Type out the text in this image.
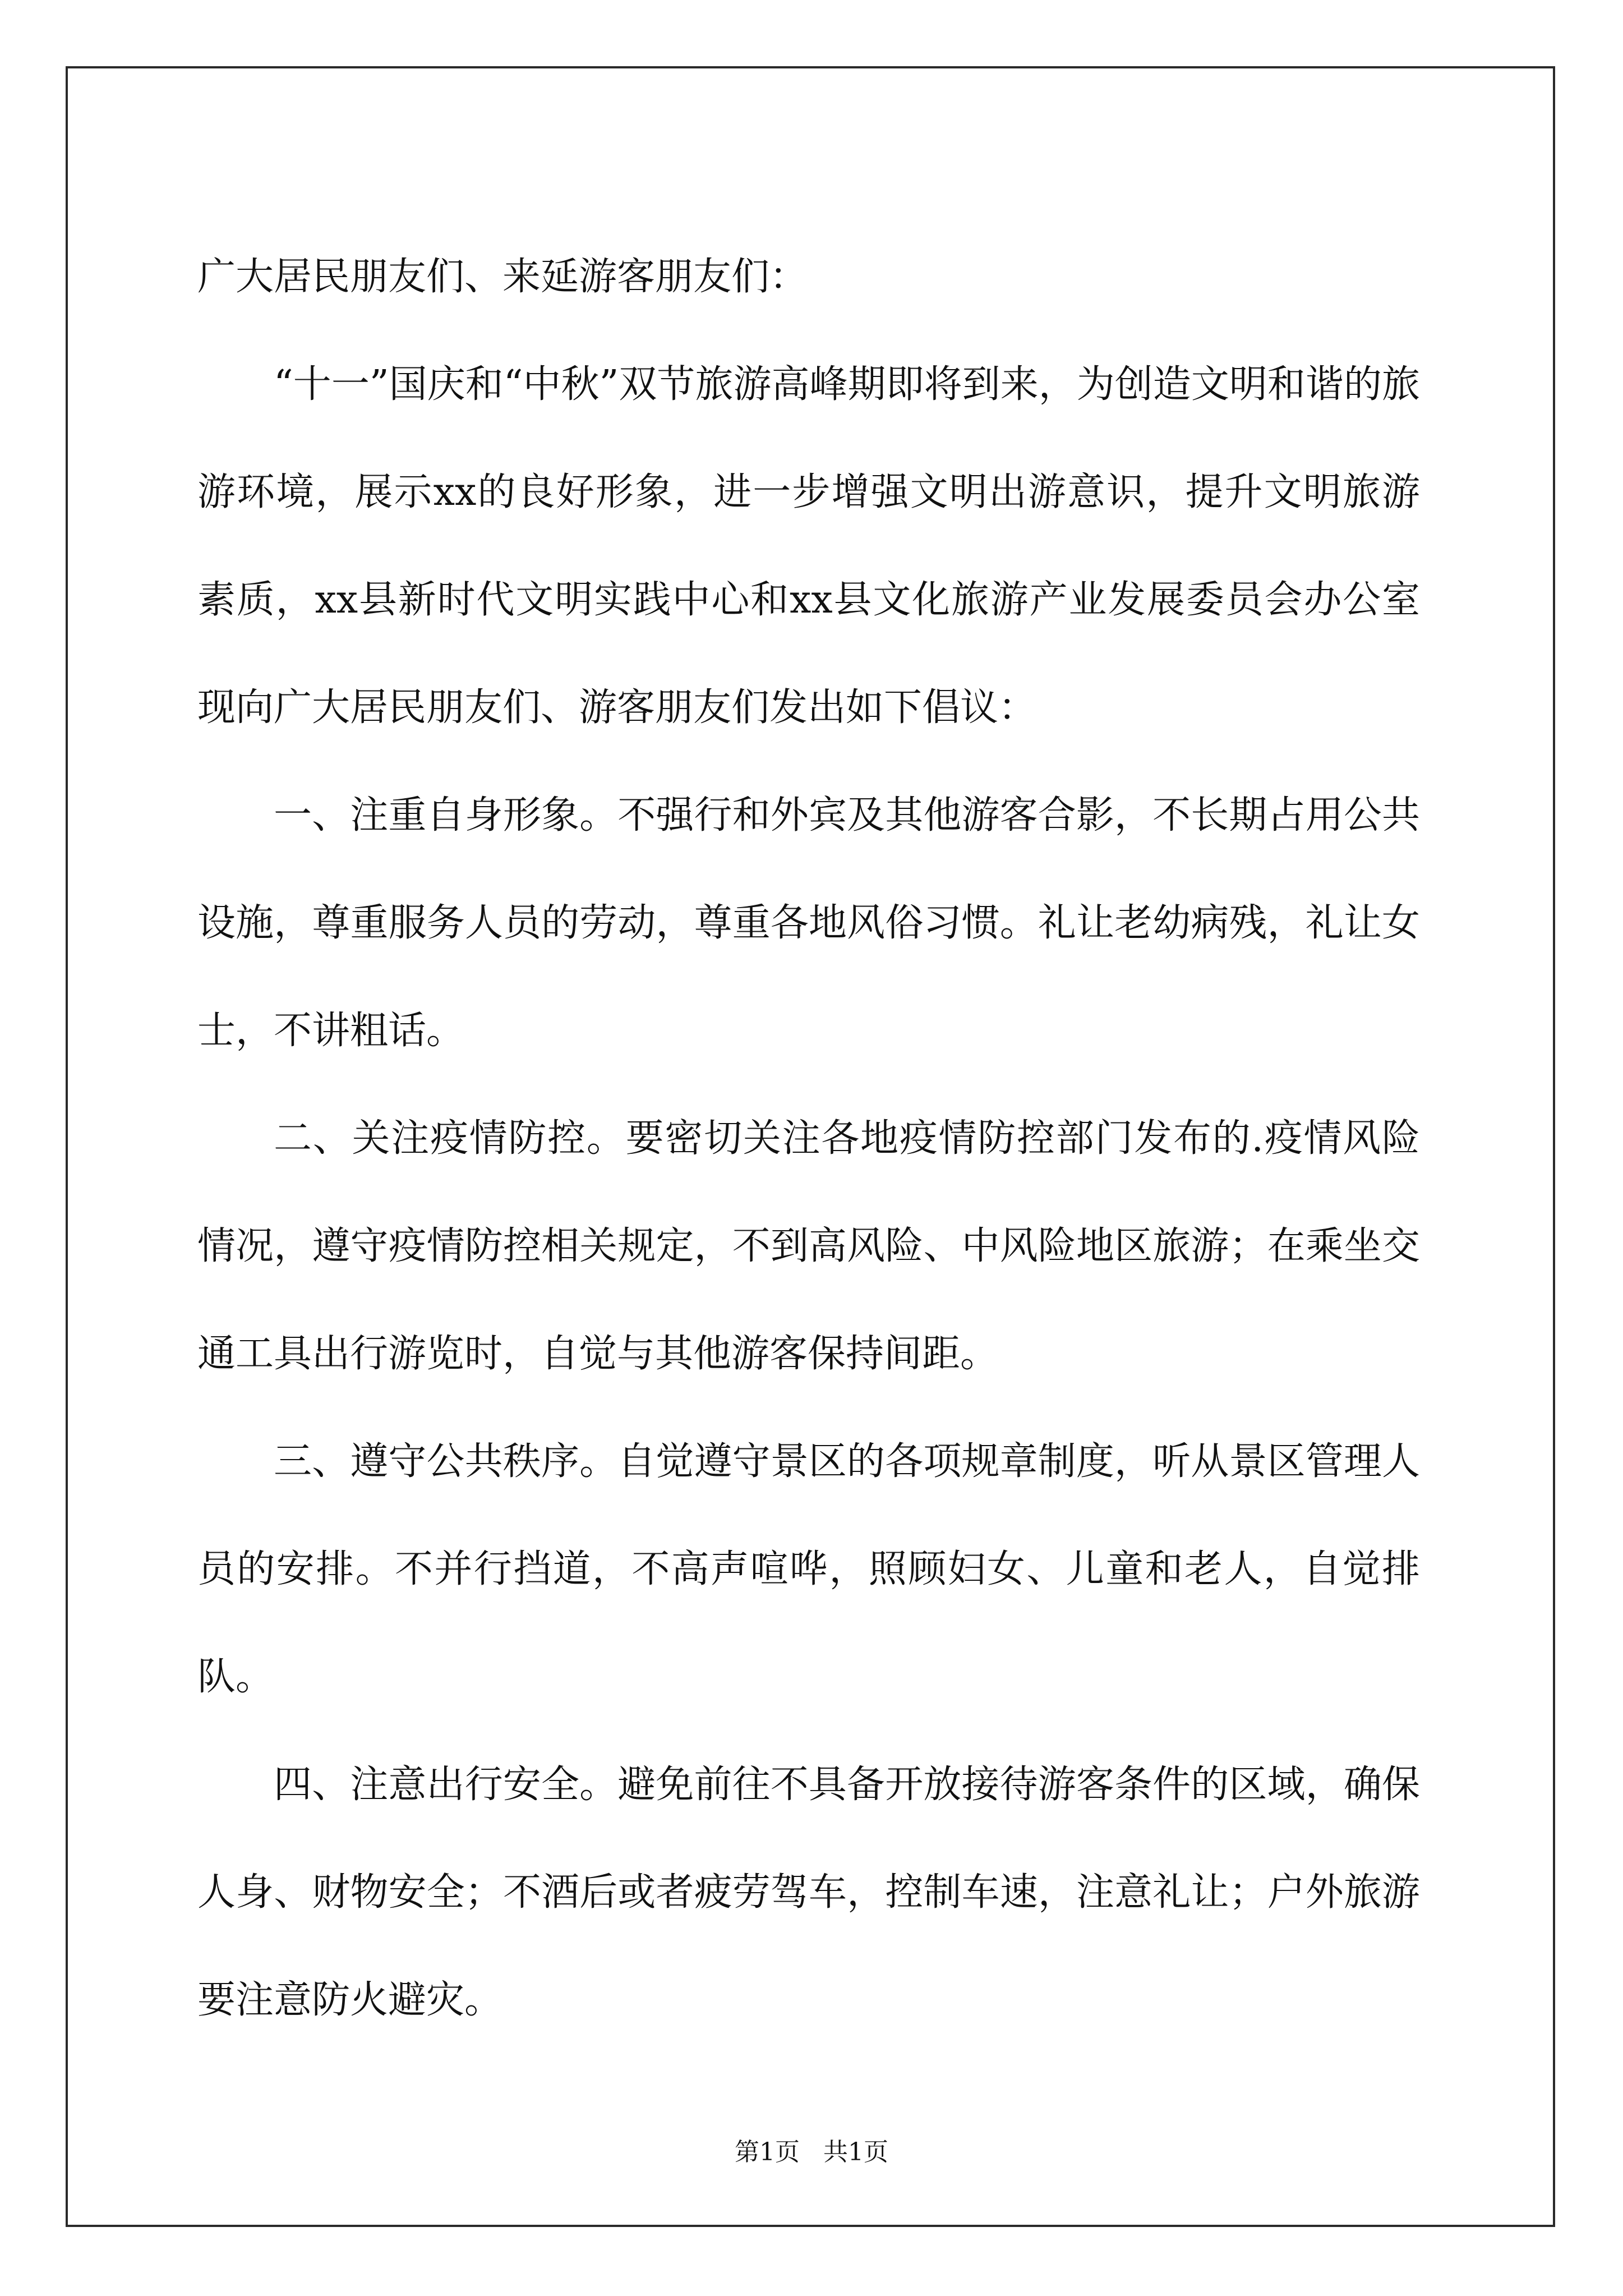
广大居民朋友们、来延游客朋友们：

“十一”国庆和“中秋”双节旅游高峰期即将到来，为创造文明和谐的旅游环境，展示xx的良好形象，进一步增强文明出游意识，提升文明旅游素质，xx县新时代文明实践中心和xx县文化旅游产业发展委员会办公室现向广大居民朋友们、游客朋友们发出如下倡议：

一、注重自身形象。不强行和外宾及其他游客合影，不长期占用公共设施，尊重服务人员的劳动，尊重各地风俗习惯。礼让老幼病残，礼让女士，不讲粗话。

二、关注疫情防控。要密切关注各地疫情防控部门发布的.疫情风险情况，遵守疫情防控相关规定，不到高风险、中风险地区旅游；在乘坐交通工具出行游览时，自觉与其他游客保持间距。

三、遵守公共秩序。自觉遵守景区的各项规章制度，听从景区管理人员的安排。不并行挡道，不高声喧哗，照顾妇女、儿童和老人，自觉排队。

四、注意出行安全。避免前往不具备开放接待游客条件的区域，确保人身、财物安全；不酒后或者疲劳驾车，控制车速，注意礼让；户外旅游要注意防火避灾。

第1页 共1页
